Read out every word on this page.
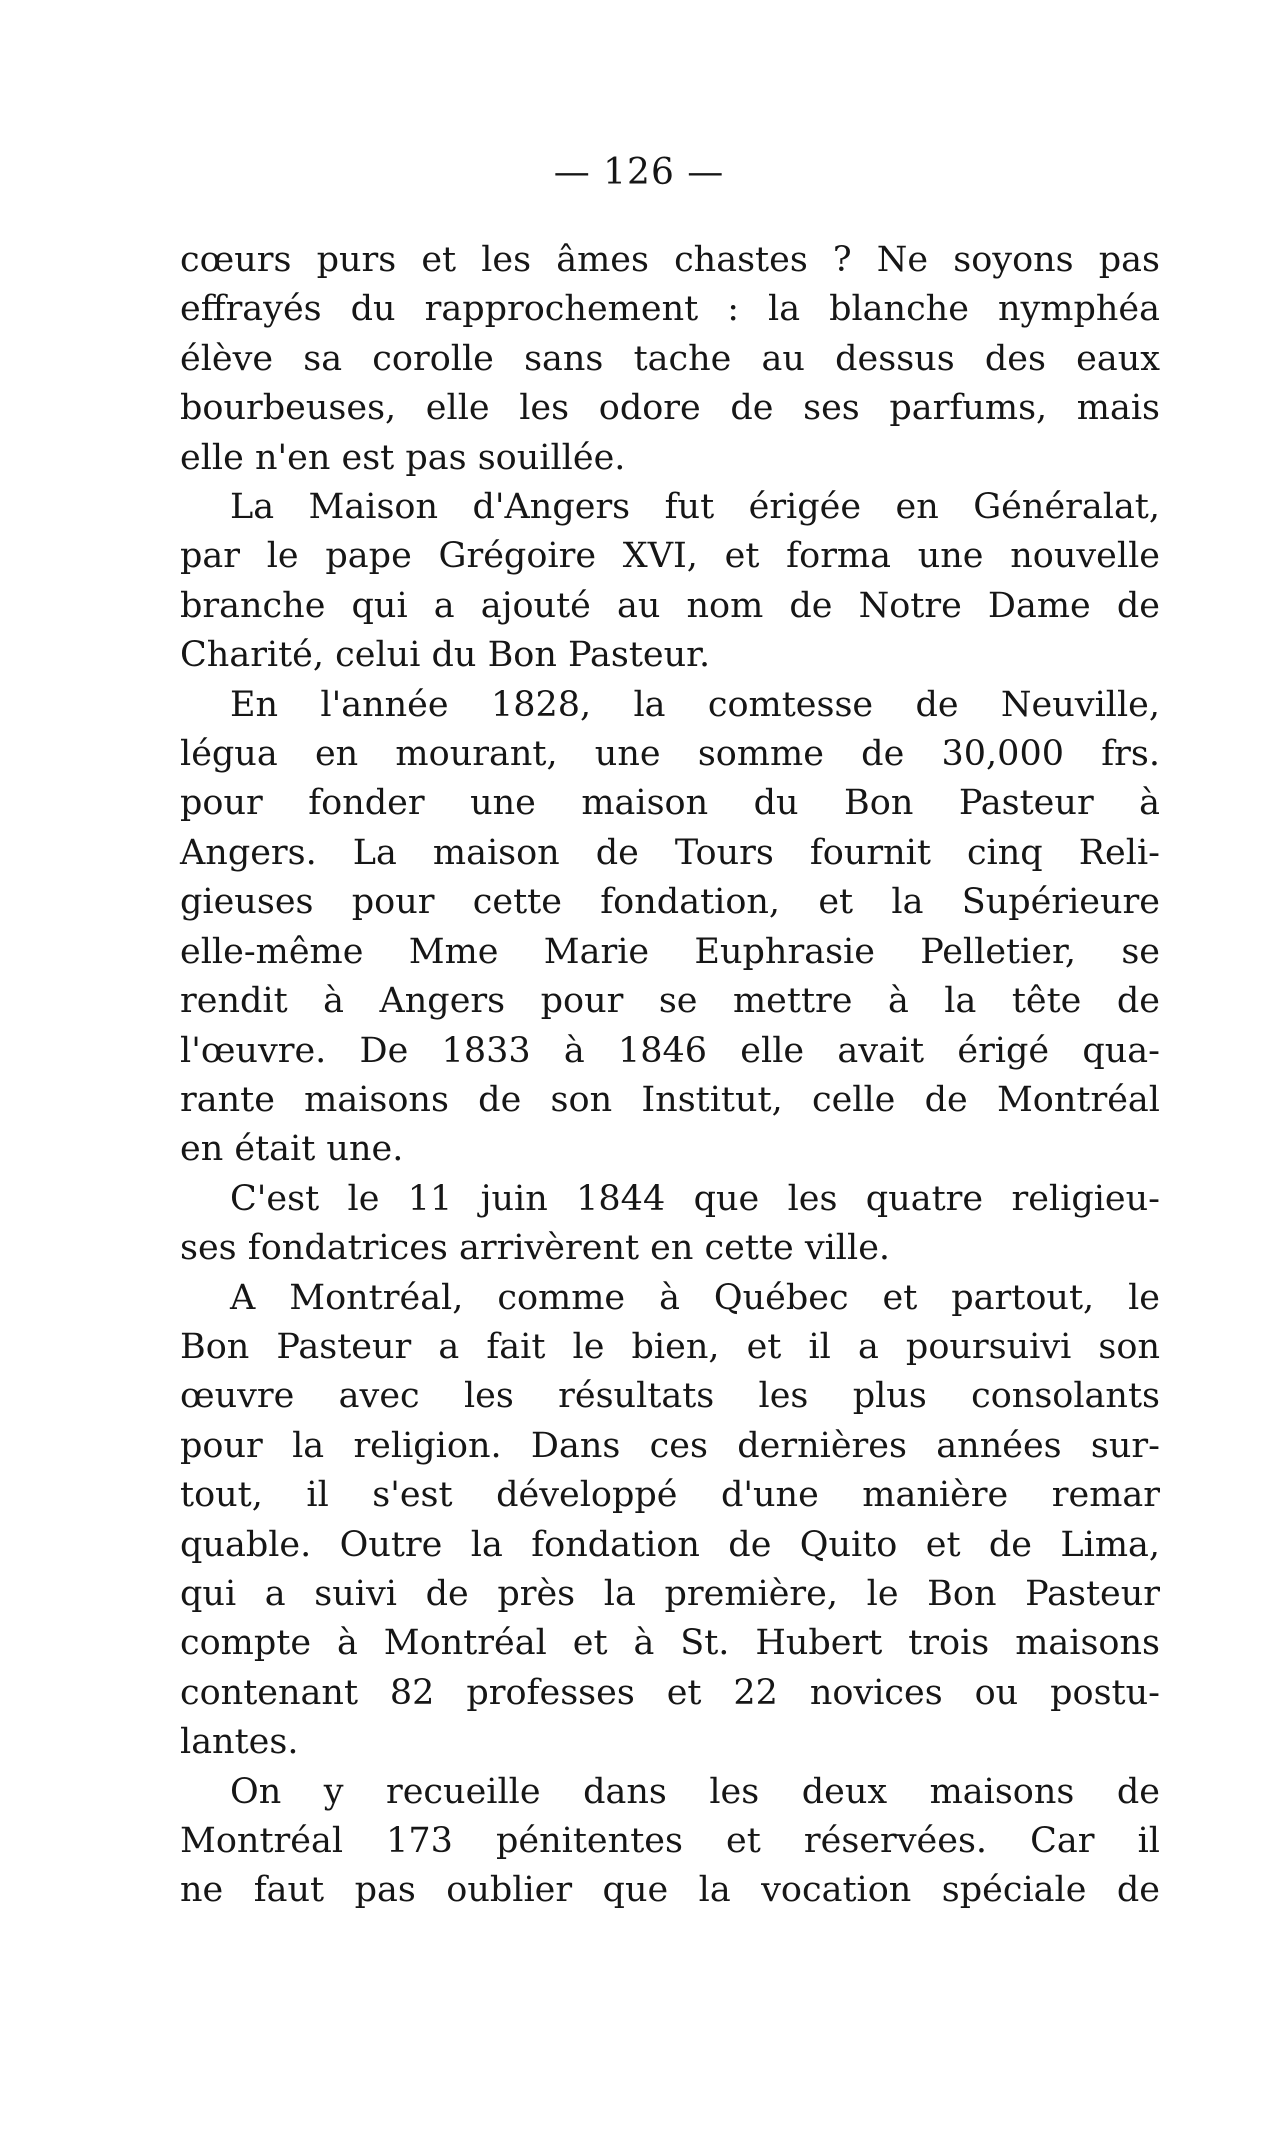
— 126 —
cœurs purs et les âmes chastes ? Ne soyons pas
effrayés du rapprochement : la blanche nymphéa
élève sa corolle sans tache au dessus des eaux
bourbeuses, elle les odore de ses parfums, mais
elle n'en est pas souillée.
La Maison d'Angers fut érigée en Généralat,
par le pape Grégoire XVI, et forma une nouvelle
branche qui a ajouté au nom de Notre Dame de
Charité, celui du Bon Pasteur.
En l'année 1828, la comtesse de Neuville,
légua en mourant, une somme de 30,000 frs.
pour fonder une maison du Bon Pasteur à
Angers. La maison de Tours fournit cinq Reli-
gieuses pour cette fondation, et la Supérieure
elle-même Mme Marie Euphrasie Pelletier, se
rendit à Angers pour se mettre à la tête de
l'œuvre. De 1833 à 1846 elle avait érigé qua-
rante maisons de son Institut, celle de Montréal
en était une.
C'est le 11 juin 1844 que les quatre religieu-
ses fondatrices arrivèrent en cette ville.
A Montréal, comme à Québec et partout, le
Bon Pasteur a fait le bien, et il a poursuivi son
œuvre avec les résultats les plus consolants
pour la religion. Dans ces dernières années sur-
tout, il s'est développé d'une manière remar
quable. Outre la fondation de Quito et de Lima,
qui a suivi de près la première, le Bon Pasteur
compte à Montréal et à St. Hubert trois maisons
contenant 82 professes et 22 novices ou postu-
lantes.
On y recueille dans les deux maisons de
Montréal 173 pénitentes et réservées. Car il
ne faut pas oublier que la vocation spéciale de
